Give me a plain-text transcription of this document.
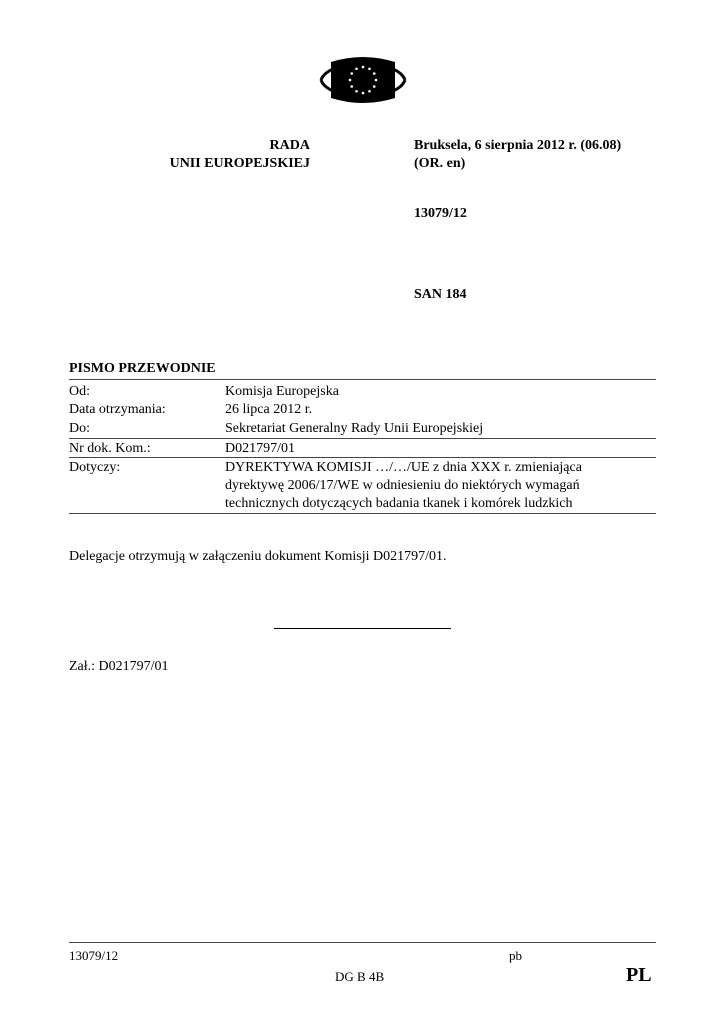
RADA
UNII EUROPEJSKIEJ
Bruksela, 6 sierpnia 2012 r. (06.08)
(OR. en)
13079/12
SAN 184
PISMO PRZEWODNIE
Od:	Komisja Europejska
Data otrzymania:	26 lipca 2012 r.
Do:	Sekretariat Generalny Rady Unii Europejskiej
Nr dok. Kom.:	D021797/01
Dotyczy:	DYREKTYWA KOMISJI …/…/UE z dnia XXX r. zmieniająca
dyrektywę 2006/17/WE w odniesieniu do niektórych wymagań
technicznych dotyczących badania tkanek i komórek ludzkich
Delegacje otrzymują w załączeniu dokument Komisji D021797/01.
Zał.: D021797/01
13079/12	pb
DG B 4B	PL
